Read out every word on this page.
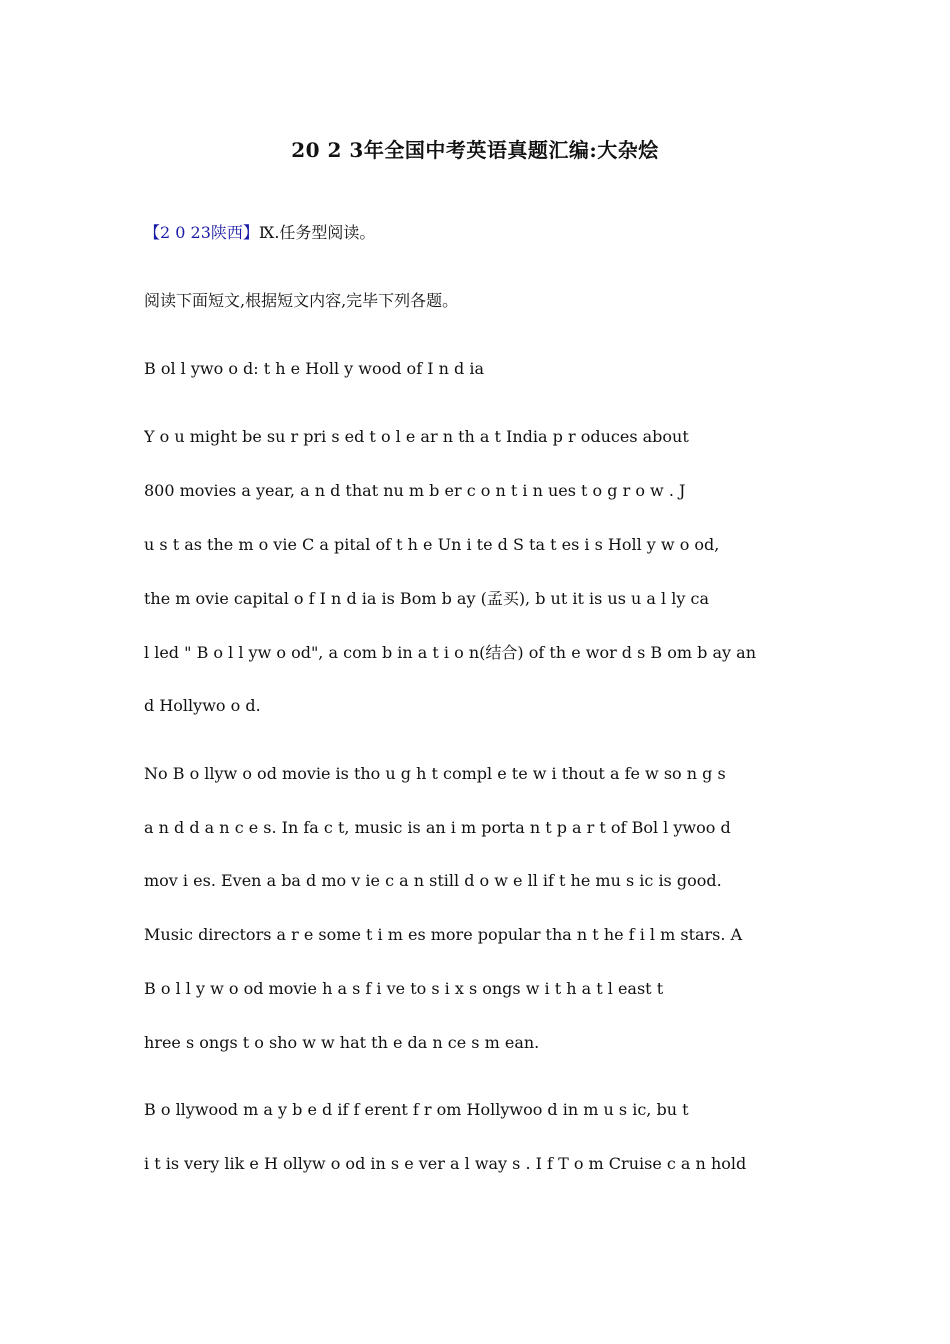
20 2 3年全国中考英语真题汇编:大杂烩
【2 0 23陕西】Ⅸ.任务型阅读。
阅读下面短文,根据短文内容,完毕下列各题。
B ol l ywo o d: t h e Holl y wood of I n d ia
Y o u might be su r pri s ed t o l e ar n th a t India p r oduces about
800 movies a year, a n d that nu m b er c o n t i n ues t o g r o w . J
u s t as the m o vie C a pital of t h e Un i te d S ta t es i s Holl y w o od,
the m ovie capital o f I n d ia is Bom b ay (孟买), b ut it is us u a l ly ca
l led " B o l l yw o od", a com b in a t i o n(结合) of th e wor d s B om b ay an
d Hollywo o d.
No B o llyw o od movie is tho u g h t compl e te w i thout a fe w so n g s
a n d d a n c e s. In fa c t, music is an i m porta n t p a r t of Bol l ywoo d
mov i es. Even a ba d mo v ie c a n still d o w e ll if t he mu s ic is good.
Music directors a r e some t i m es more popular tha n t he f i l m stars. A
B o l l y w o od movie h a s f i ve to s i x s ongs w i t h a t l east t
hree s ongs t o sho w w hat th e da n ce s m ean.
B o llywood m a y b e d if f erent f r om Hollywoo d in m u s ic, bu t
i t is very lik e H ollyw o od in s e ver a l way s . I f T o m Cruise c a n hold
